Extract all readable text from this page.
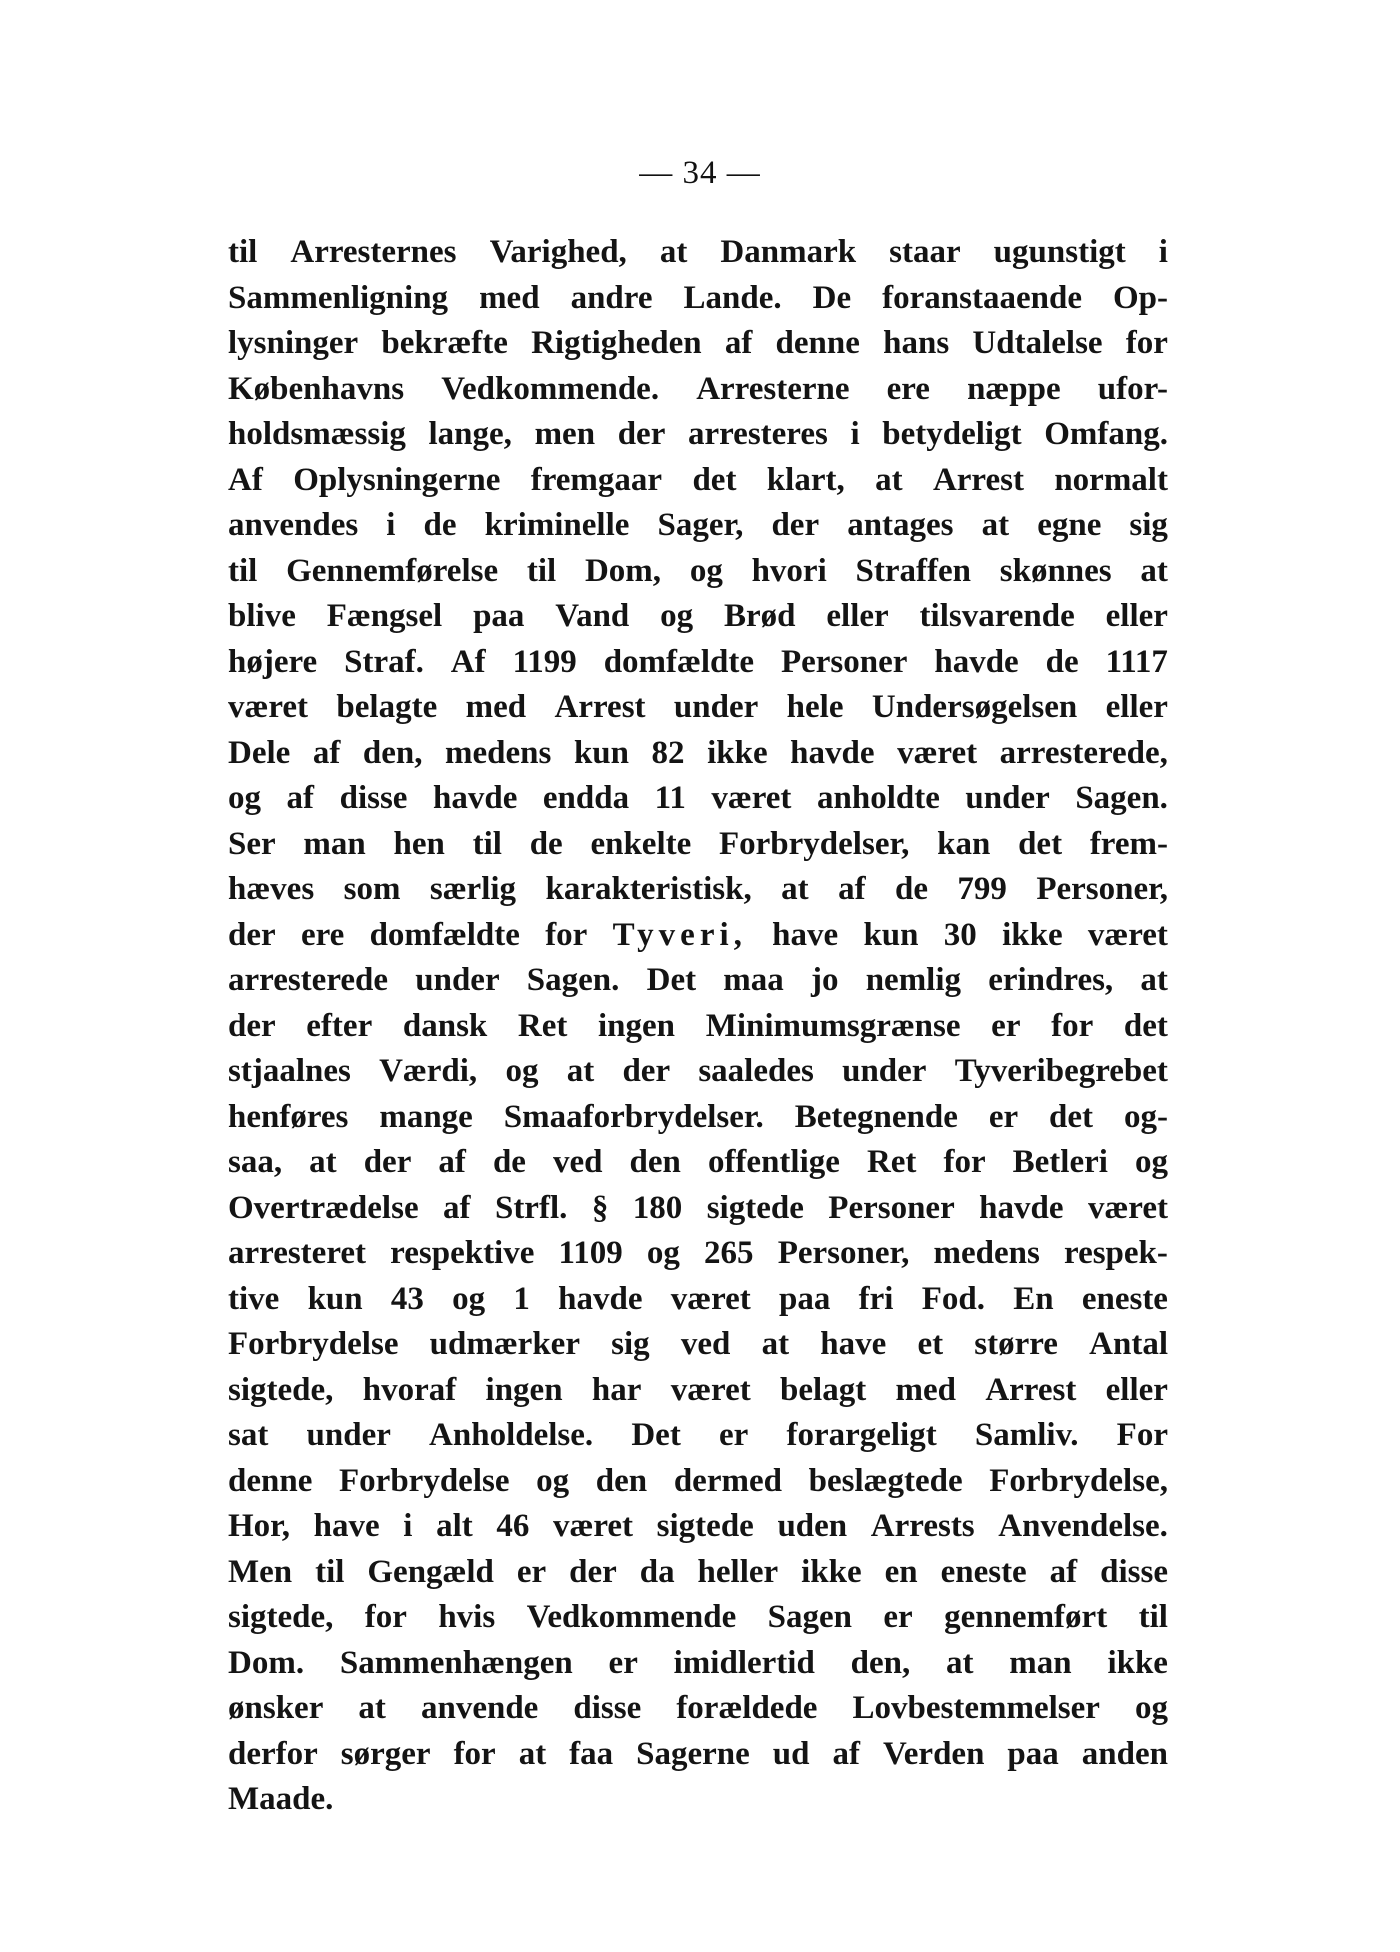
— 34 —
til Arresternes Varighed, at Danmark staar ugunstigt i
Sammenligning med andre Lande. De foranstaaende Op-
lysninger bekræfte Rigtigheden af denne hans Udtalelse for
Københavns Vedkommende. Arresterne ere næppe ufor-
holdsmæssig lange, men der arresteres i betydeligt Omfang.
Af Oplysningerne fremgaar det klart, at Arrest normalt
anvendes i de kriminelle Sager, der antages at egne sig
til Gennemførelse til Dom, og hvori Straffen skønnes at
blive Fængsel paa Vand og Brød eller tilsvarende eller
højere Straf. Af 1199 domfældte Personer havde de 1117
været belagte med Arrest under hele Undersøgelsen eller
Dele af den, medens kun 82 ikke havde været arresterede,
og af disse havde endda 11 været anholdte under Sagen.
Ser man hen til de enkelte Forbrydelser, kan det frem-
hæves som særlig karakteristisk, at af de 799 Personer,
der ere domfældte for Tyveri, have kun 30 ikke været
arresterede under Sagen. Det maa jo nemlig erindres, at
der efter dansk Ret ingen Minimumsgrænse er for det
stjaalnes Værdi, og at der saaledes under Tyveribegrebet
henføres mange Smaaforbrydelser. Betegnende er det og-
saa, at der af de ved den offentlige Ret for Betleri og
Overtrædelse af Strfl. § 180 sigtede Personer havde været
arresteret respektive 1109 og 265 Personer, medens respek-
tive kun 43 og 1 havde været paa fri Fod. En eneste
Forbrydelse udmærker sig ved at have et større Antal
sigtede, hvoraf ingen har været belagt med Arrest eller
sat under Anholdelse. Det er forargeligt Samliv. For
denne Forbrydelse og den dermed beslægtede Forbrydelse,
Hor, have i alt 46 været sigtede uden Arrests Anvendelse.
Men til Gengæld er der da heller ikke en eneste af disse
sigtede, for hvis Vedkommende Sagen er gennemført til
Dom. Sammenhængen er imidlertid den, at man ikke
ønsker at anvende disse forældede Lovbestemmelser og
derfor sørger for at faa Sagerne ud af Verden paa anden
Maade.
